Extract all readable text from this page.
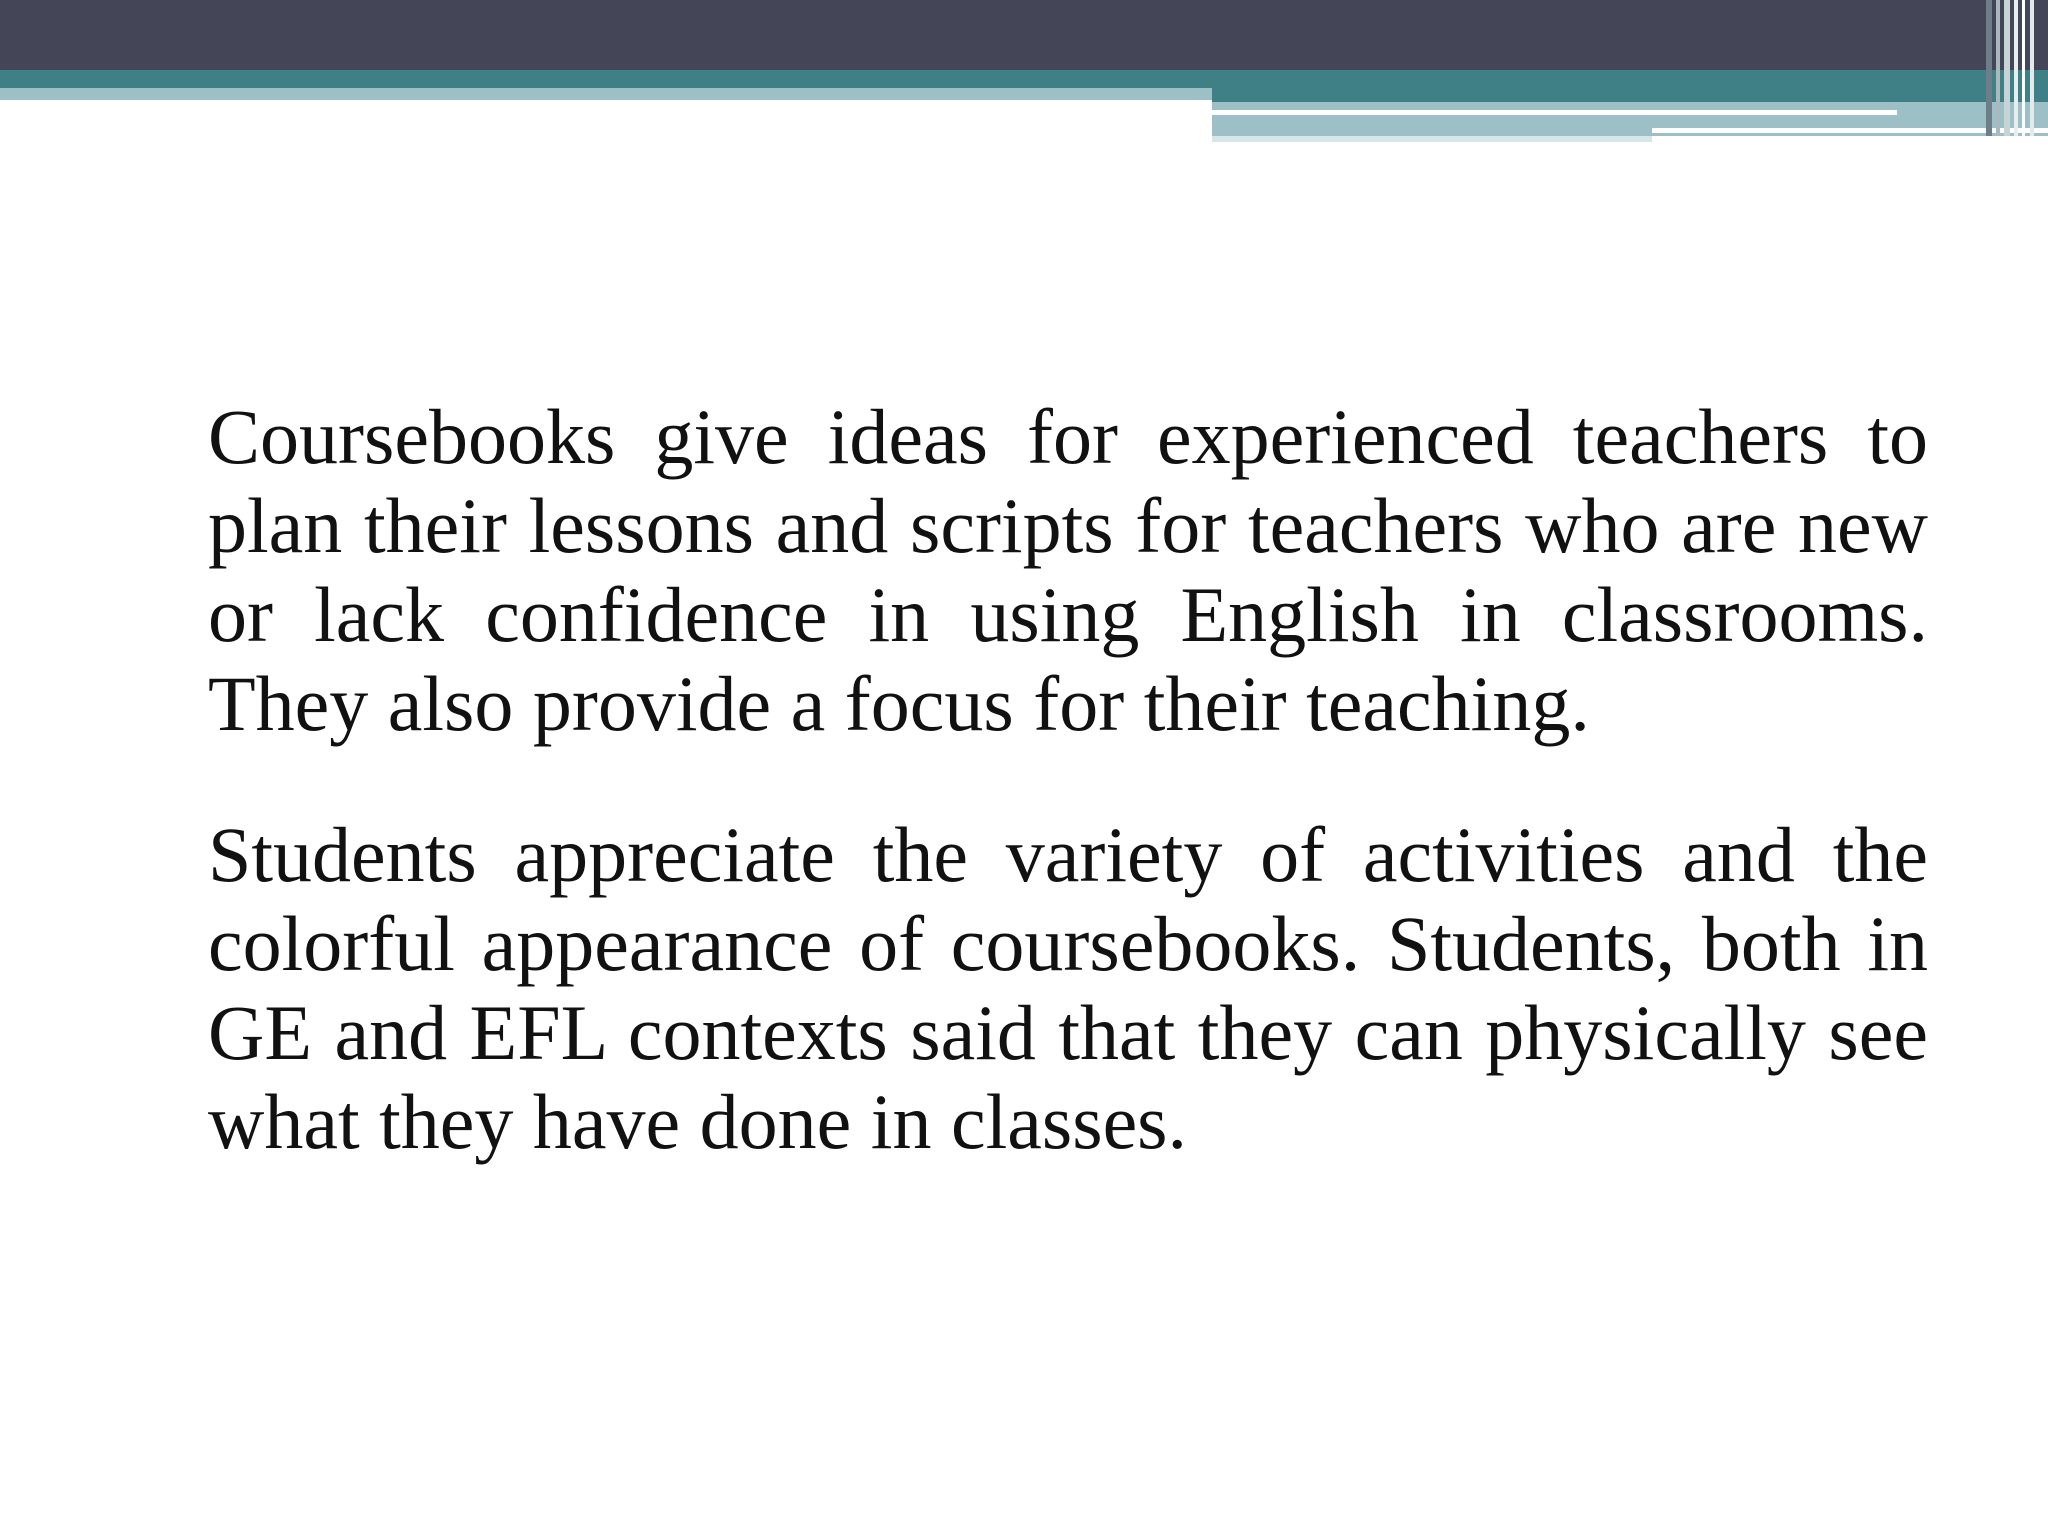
Coursebooks give ideas for experienced teachers to plan their lessons and scripts for teachers who are new or lack confidence in using English in classrooms. They also provide a focus for their teaching.

Students appreciate the variety of activities and the colorful appearance of coursebooks. Students, both in GE and EFL contexts said that they can physically see what they have done in classes.
